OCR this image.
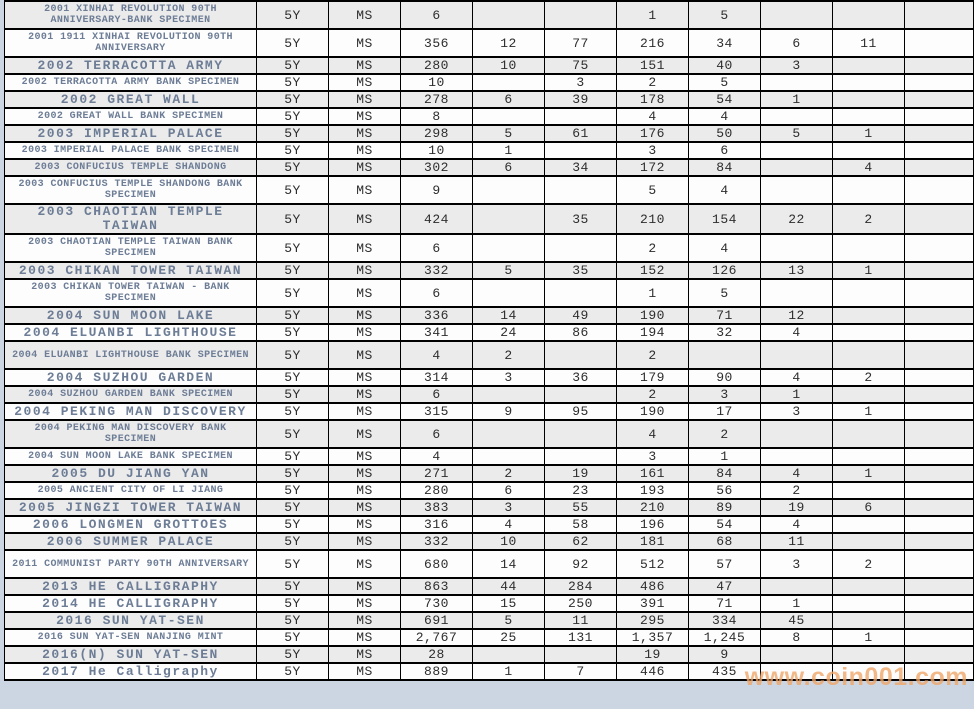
2001 XINHAI REVOLUTION 90TH ANNIVERSARY-BANK SPECIMEN	5Y	MS	6			1	5			
2001 1911 XINHAI REVOLUTION 90TH ANNIVERSARY	5Y	MS	356	12	77	216	34	6	11	
2002 TERRACOTTA ARMY	5Y	MS	280	10	75	151	40	3		
2002 TERRACOTTA ARMY BANK SPECIMEN	5Y	MS	10		3	2	5			
2002 GREAT WALL	5Y	MS	278	6	39	178	54	1		
2002 GREAT WALL BANK SPECIMEN	5Y	MS	8			4	4			
2003 IMPERIAL PALACE	5Y	MS	298	5	61	176	50	5	1	
2003 IMPERIAL PALACE BANK SPECIMEN	5Y	MS	10	1		3	6			
2003 CONFUCIUS TEMPLE SHANDONG	5Y	MS	302	6	34	172	84		4	
2003 CONFUCIUS TEMPLE SHANDONG BANK SPECIMEN	5Y	MS	9			5	4			
2003 CHAOTIAN TEMPLE TAIWAN	5Y	MS	424		35	210	154	22	2	
2003 CHAOTIAN TEMPLE TAIWAN BANK SPECIMEN	5Y	MS	6			2	4			
2003 CHIKAN TOWER TAIWAN	5Y	MS	332	5	35	152	126	13	1	
2003 CHIKAN TOWER TAIWAN - BANK SPECIMEN	5Y	MS	6			1	5			
2004 SUN MOON LAKE	5Y	MS	336	14	49	190	71	12		
2004 ELUANBI LIGHTHOUSE	5Y	MS	341	24	86	194	32	4		
2004 ELUANBI LIGHTHOUSE BANK SPECIMEN	5Y	MS	4	2		2				
2004 SUZHOU GARDEN	5Y	MS	314	3	36	179	90	4	2	
2004 SUZHOU GARDEN BANK SPECIMEN	5Y	MS	6			2	3	1		
2004 PEKING MAN DISCOVERY	5Y	MS	315	9	95	190	17	3	1	
2004 PEKING MAN DISCOVERY BANK SPECIMEN	5Y	MS	6			4	2			
2004 SUN MOON LAKE BANK SPECIMEN	5Y	MS	4			3	1			
2005 DU JIANG YAN	5Y	MS	271	2	19	161	84	4	1	
2005 ANCIENT CITY OF LI JIANG	5Y	MS	280	6	23	193	56	2		
2005 JINGZI TOWER TAIWAN	5Y	MS	383	3	55	210	89	19	6	
2006 LONGMEN GROTTOES	5Y	MS	316	4	58	196	54	4		
2006 SUMMER PALACE	5Y	MS	332	10	62	181	68	11		
2011 COMMUNIST PARTY 90TH ANNIVERSARY	5Y	MS	680	14	92	512	57	3	2	
2013 HE CALLIGRAPHY	5Y	MS	863	44	284	486	47			
2014 HE CALLIGRAPHY	5Y	MS	730	15	250	391	71	1		
2016 SUN YAT-SEN	5Y	MS	691	5	11	295	334	45		
2016 SUN YAT-SEN NANJING MINT	5Y	MS	2,767	25	131	1,357	1,245	8	1	
2016(N) SUN YAT-SEN	5Y	MS	28			19	9			
2017 He Calligraphy	5Y	MS	889	1	7	446	435			www.coin001.com
